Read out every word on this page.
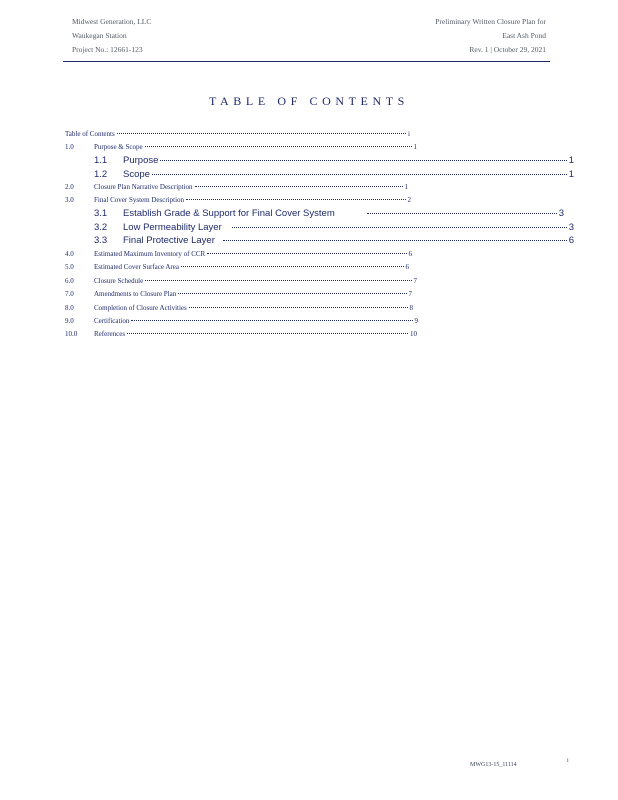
Midwest Generation, LLC
Waukegan Station
Project No.: 12661-123
Preliminary Written Closure Plan for
East Ash Pond
Rev. 1 | October 29, 2021
TABLE OF CONTENTS
Table of Contents	i
1.0	Purpose & Scope	1
1.1	Purpose	1
1.2	Scope	1
2.0	Closure Plan Narrative Description	1
3.0	Final Cover System Description	2
3.1	Establish Grade & Support for Final Cover System	3
3.2	Low Permeability Layer	3
3.3	Final Protective Layer	6
4.0	Estimated Maximum Inventory of CCR	6
5.0	Estimated Cover Surface Area	6
6.0	Closure Schedule	7
7.0	Amendments to Closure Plan	7
8.0	Completion of Closure Activities	8
9.0	Certification	9
10.0	References	10
MWG13-15_11114
i
